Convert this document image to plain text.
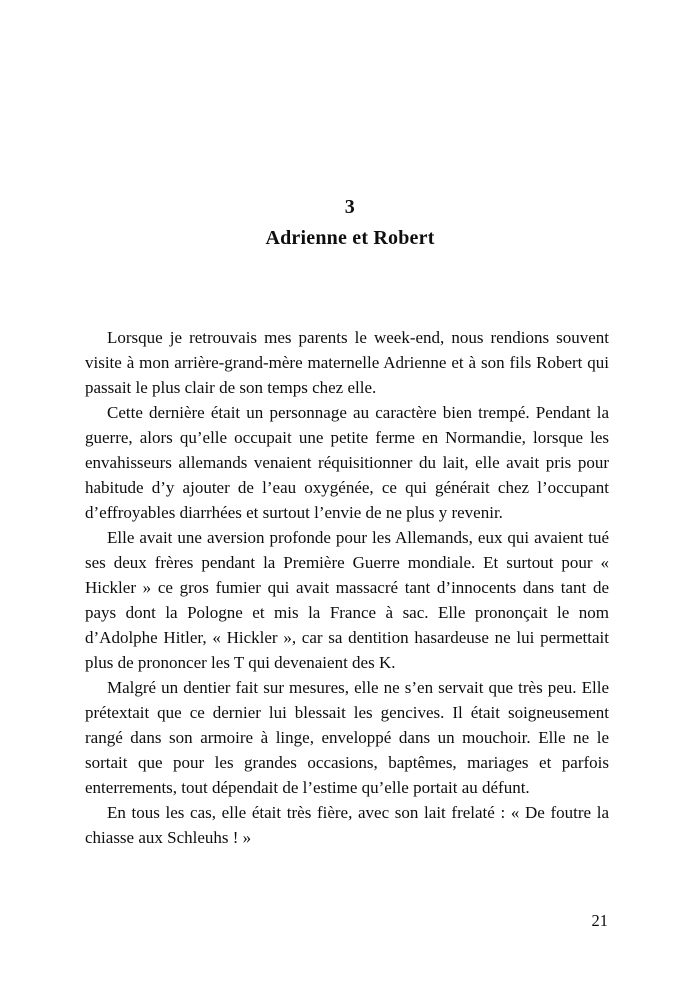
3
Adrienne et Robert

Lorsque je retrouvais mes parents le week-end, nous rendions souvent visite à mon arrière-grand-mère maternelle Adrienne et à son fils Robert qui passait le plus clair de son temps chez elle.

Cette dernière était un personnage au caractère bien trempé. Pendant la guerre, alors qu’elle occupait une petite ferme en Normandie, lorsque les envahisseurs allemands venaient réquisitionner du lait, elle avait pris pour habitude d’y ajouter de l’eau oxygénée, ce qui générait chez l’occupant d’effroyables diarrhées et surtout l’envie de ne plus y revenir.

Elle avait une aversion profonde pour les Allemands, eux qui avaient tué ses deux frères pendant la Première Guerre mondiale. Et surtout pour « Hickler » ce gros fumier qui avait massacré tant d’innocents dans tant de pays dont la Pologne et mis la France à sac. Elle prononçait le nom d’Adolphe Hitler, « Hickler », car sa dentition hasardeuse ne lui permettait plus de prononcer les T qui devenaient des K.

Malgré un dentier fait sur mesures, elle ne s’en servait que très peu. Elle prétextait que ce dernier lui blessait les gencives. Il était soigneusement rangé dans son armoire à linge, enveloppé dans un mouchoir. Elle ne le sortait que pour les grandes occasions, baptêmes, mariages et parfois enterrements, tout dépendait de l’estime qu’elle portait au défunt.

En tous les cas, elle était très fière, avec son lait frelaté : « De foutre la chiasse aux Schleuhs ! »

21
